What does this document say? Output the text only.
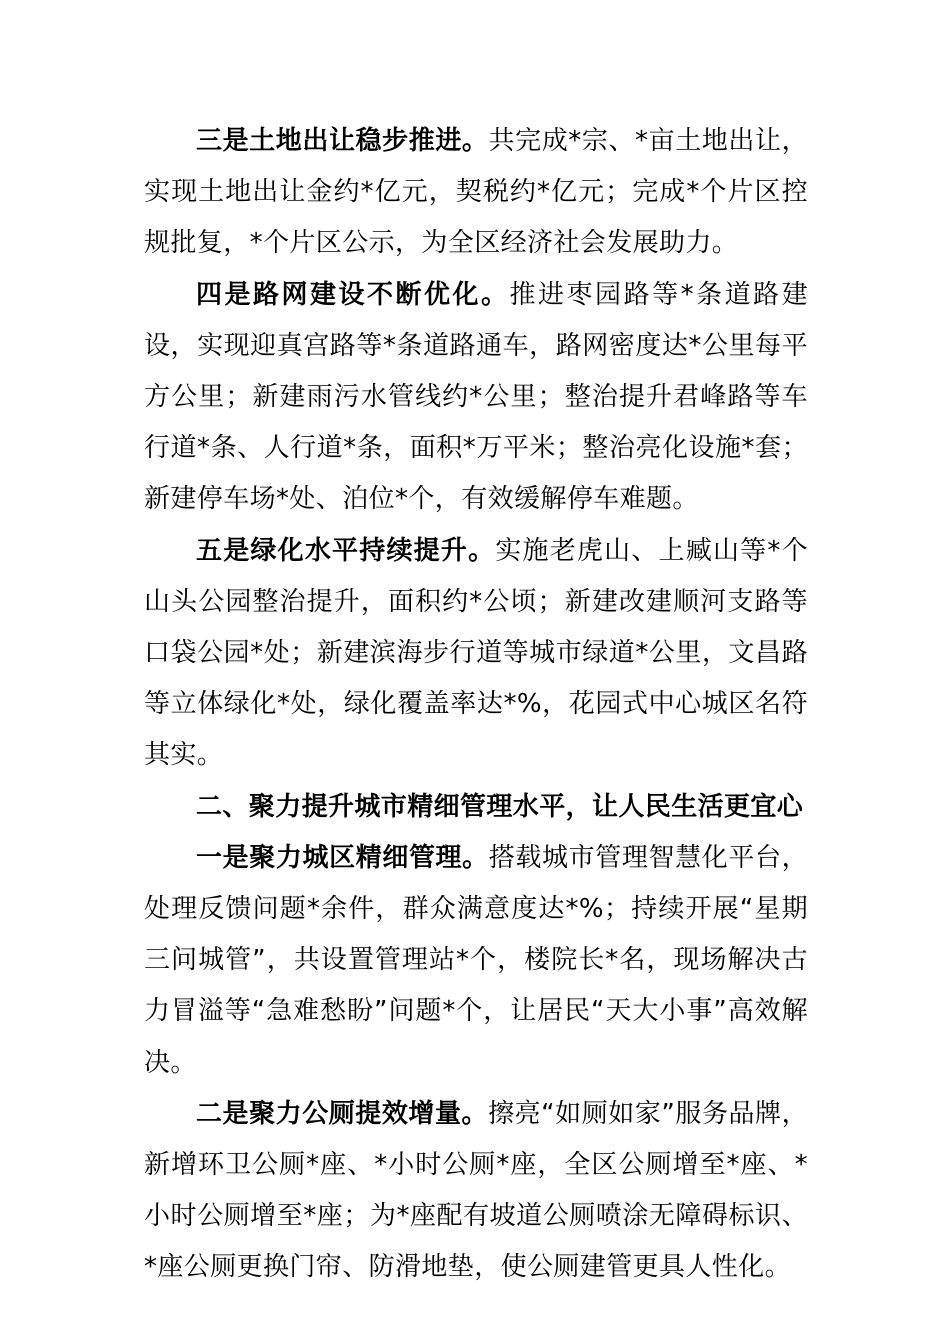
三是土地出让稳步推进。共完成*宗、*亩土地出让，实现土地出让金约*亿元，契税约*亿元；完成*个片区控规批复，*个片区公示，为全区经济社会发展助力。

四是路网建设不断优化。推进枣园路等*条道路建设，实现迎真宫路等*条道路通车，路网密度达*公里每平方公里；新建雨污水管线约*公里；整治提升君峰路等车行道*条、人行道*条，面积*万平米；整治亮化设施*套；新建停车场*处、泊位*个，有效缓解停车难题。

五是绿化水平持续提升。实施老虎山、上臧山等*个山头公园整治提升，面积约*公顷；新建改建顺河支路等口袋公园*处；新建滨海步行道等城市绿道*公里，文昌路等立体绿化*处，绿化覆盖率达*%，花园式中心城区名符其实。

二、聚力提升城市精细管理水平，让人民生活更宜心

一是聚力城区精细管理。搭载城市管理智慧化平台，处理反馈问题*余件，群众满意度达*%；持续开展“星期三问城管”，共设置管理站*个，楼院长*名，现场解决古力冒溢等“急难愁盼”问题*个，让居民“天大小事”高效解决。

二是聚力公厕提效增量。擦亮“如厕如家”服务品牌，新增环卫公厕*座、*小时公厕*座，全区公厕增至*座、*小时公厕增至*座；为*座配有坡道公厕喷涂无障碍标识、*座公厕更换门帘、防滑地垫，使公厕建管更具人性化。
